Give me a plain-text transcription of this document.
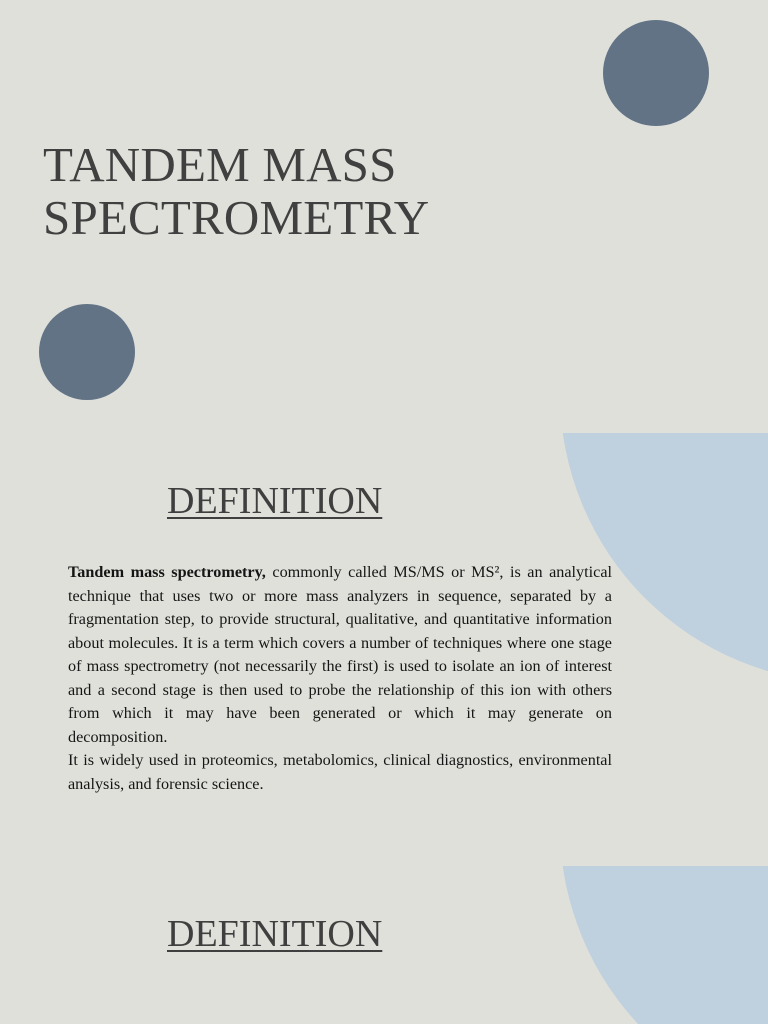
TANDEM MASS
SPECTROMETRY
DEFINITION

Tandem mass spectrometry, commonly called MS/MS or MS², is an analytical technique that uses two or more mass analyzers in sequence, separated by a fragmentation step, to provide structural, qualitative, and quantitative information about molecules. It is a term which covers a number of techniques where one stage of mass spectrometry (not necessarily the first) is used to isolate an ion of interest and a second stage is then used to probe the relationship of this ion with others from which it may have been generated or which it may generate on decomposition.

It is widely used in proteomics, metabolomics, clinical diagnostics, environmental analysis, and forensic science.

DEFINITION
